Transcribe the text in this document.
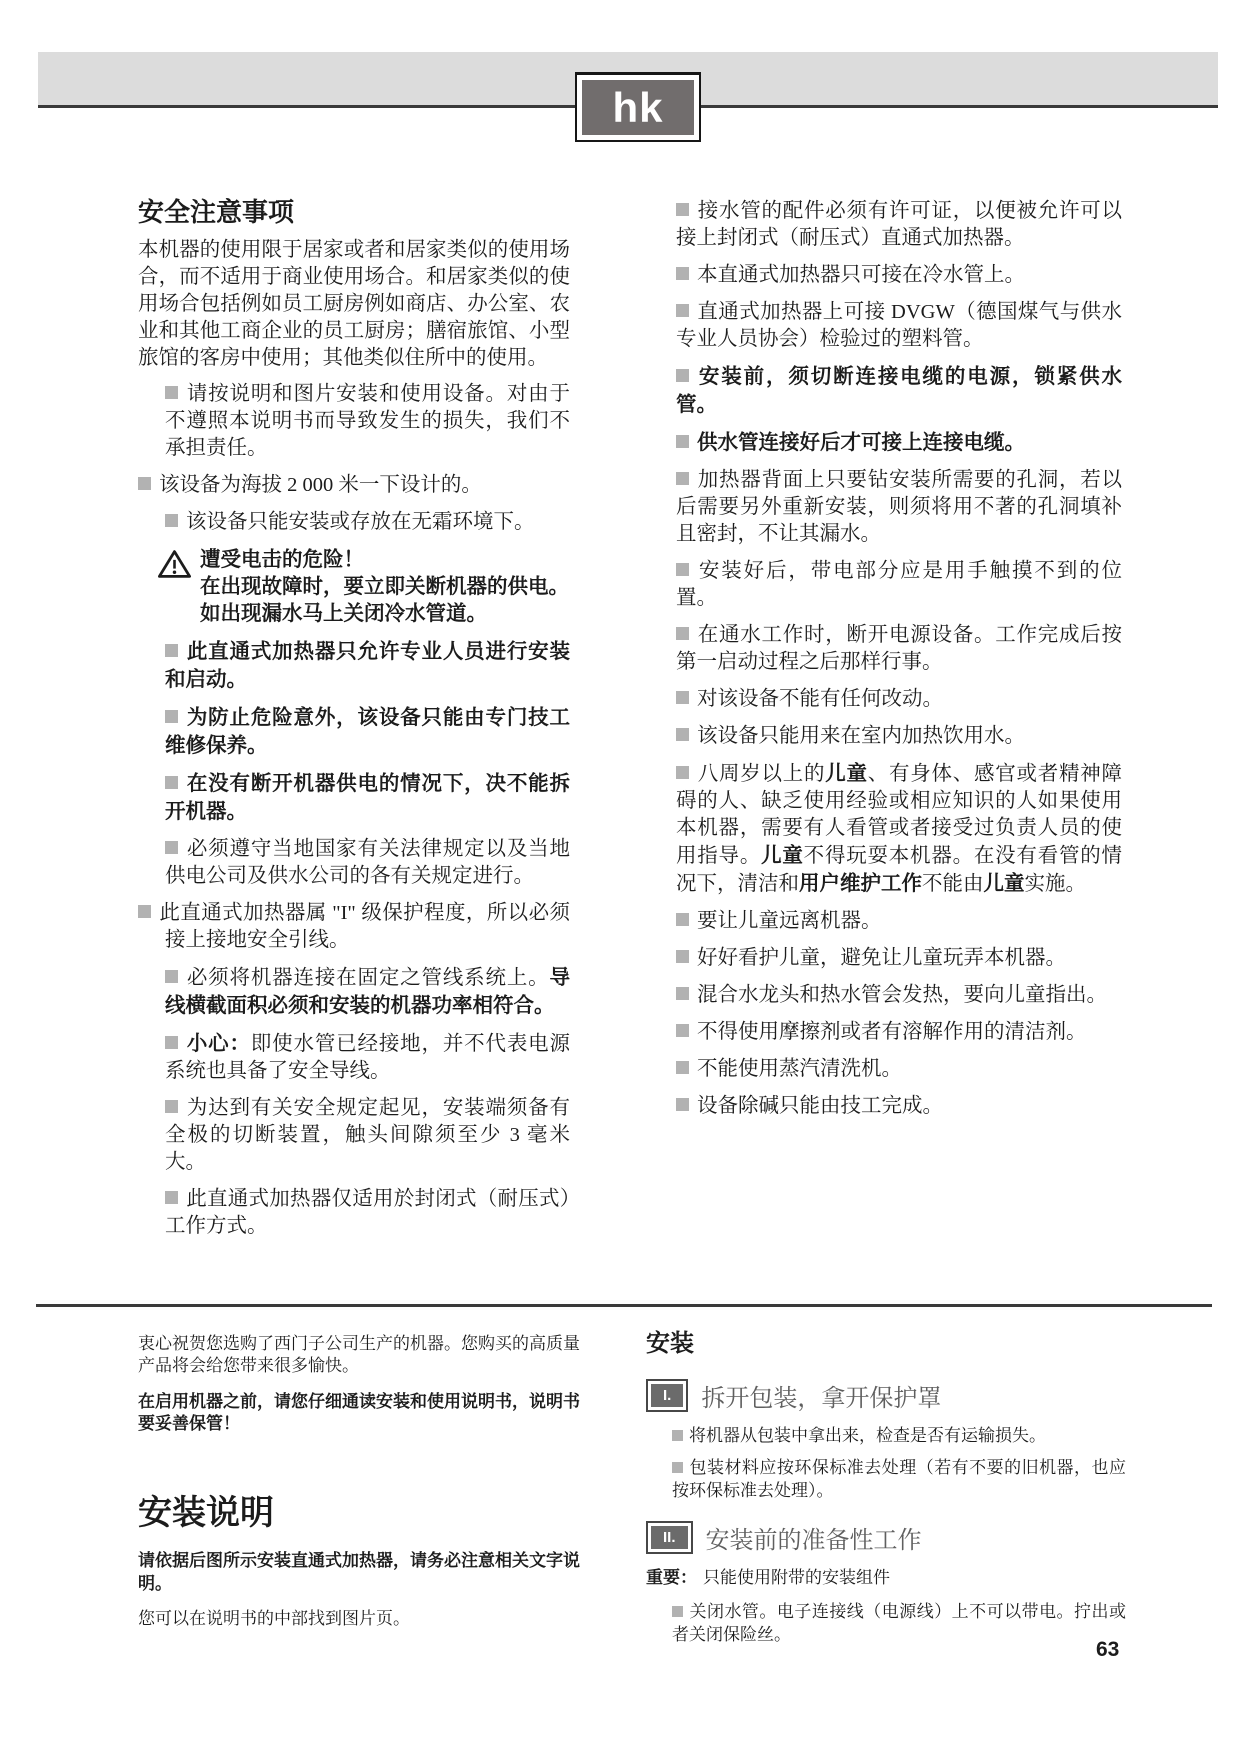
hk
安全注意事项

本机器的使用限于居家或者和居家类似的使用场合，而不适用于商业使用场合。和居家类似的使用场合包括例如员工厨房例如商店、办公室、农业和其他工商企业的员工厨房；膳宿旅馆、小型旅馆的客房中使用；其他类似住所中的使用。

请按说明和图片安装和使用设备。对由于不遵照本说明书而导致发生的损失，我们不承担责任。
该设备为海拔 2 000 米一下设计的。
该设备只能安装或存放在无霜环境下。
遭受电击的危险！
在出现故障时，要立即关断机器的供电。
如出现漏水马上关闭冷水管道。
此直通式加热器只允许专业人员进行安装和启动。
为防止危险意外，该设备只能由专门技工维修保养。
在没有断开机器供电的情况下，决不能拆开机器。
必须遵守当地国家有关法律规定以及当地供电公司及供水公司的各有关规定进行。
此直通式加热器属 "I" 级保护程度，所以必须接上接地安全引线。
必须将机器连接在固定之管线系统上。导线横截面积必须和安装的机器功率相符合。
小心：即使水管已经接地，并不代表电源系统也具备了安全导线。
为达到有关安全规定起见，安装端须备有全极的切断装置，触头间隙须至少 3 毫米大。
此直通式加热器仅适用於封闭式（耐压式）工作方式。
接水管的配件必须有许可证，以便被允许可以接上封闭式（耐压式）直通式加热器。
本直通式加热器只可接在冷水管上。
直通式加热器上可接 DVGW（德国煤气与供水专业人员协会）检验过的塑料管。
安装前，须切断连接电缆的电源，锁紧供水管。
供水管连接好后才可接上连接电缆。
加热器背面上只要钻安装所需要的孔洞，若以后需要另外重新安装，则须将用不著的孔洞填补且密封，不让其漏水。
安装好后，带电部分应是用手触摸不到的位置。
在通水工作时，断开电源设备。工作完成后按第一启动过程之后那样行事。
对该设备不能有任何改动。
该设备只能用来在室内加热饮用水。
八周岁以上的儿童、有身体、感官或者精神障碍的人、缺乏使用经验或相应知识的人如果使用本机器，需要有人看管或者接受过负责人员的使用指导。儿童不得玩耍本机器。在没有看管的情况下，清洁和用户维护工作不能由儿童实施。
要让儿童远离机器。
好好看护儿童，避免让儿童玩弄本机器。
混合水龙头和热水管会发热，要向儿童指出。
不得使用摩擦剂或者有溶解作用的清洁剂。
不能使用蒸汽清洗机。
设备除碱只能由技工完成。

衷心祝贺您选购了西门子公司生产的机器。您购买的高质量产品将会给您带来很多愉快。

在启用机器之前，请您仔细通读安装和使用说明书，说明书要妥善保管！

安装说明

请依据后图所示安装直通式加热器，请务必注意相关文字说明。

您可以在说明书的中部找到图片页。

安装
I.	拆开包装，拿开保护罩
将机器从包装中拿出来，检查是否有运输损失。
包装材料应按环保标准去处理（若有不要的旧机器，也应按环保标准去处理）。
II.	安装前的准备性工作

重要： 只能使用附带的安装组件

关闭水管。电子连接线（电源线）上不可以带电。拧出或者关闭保险丝。
63
